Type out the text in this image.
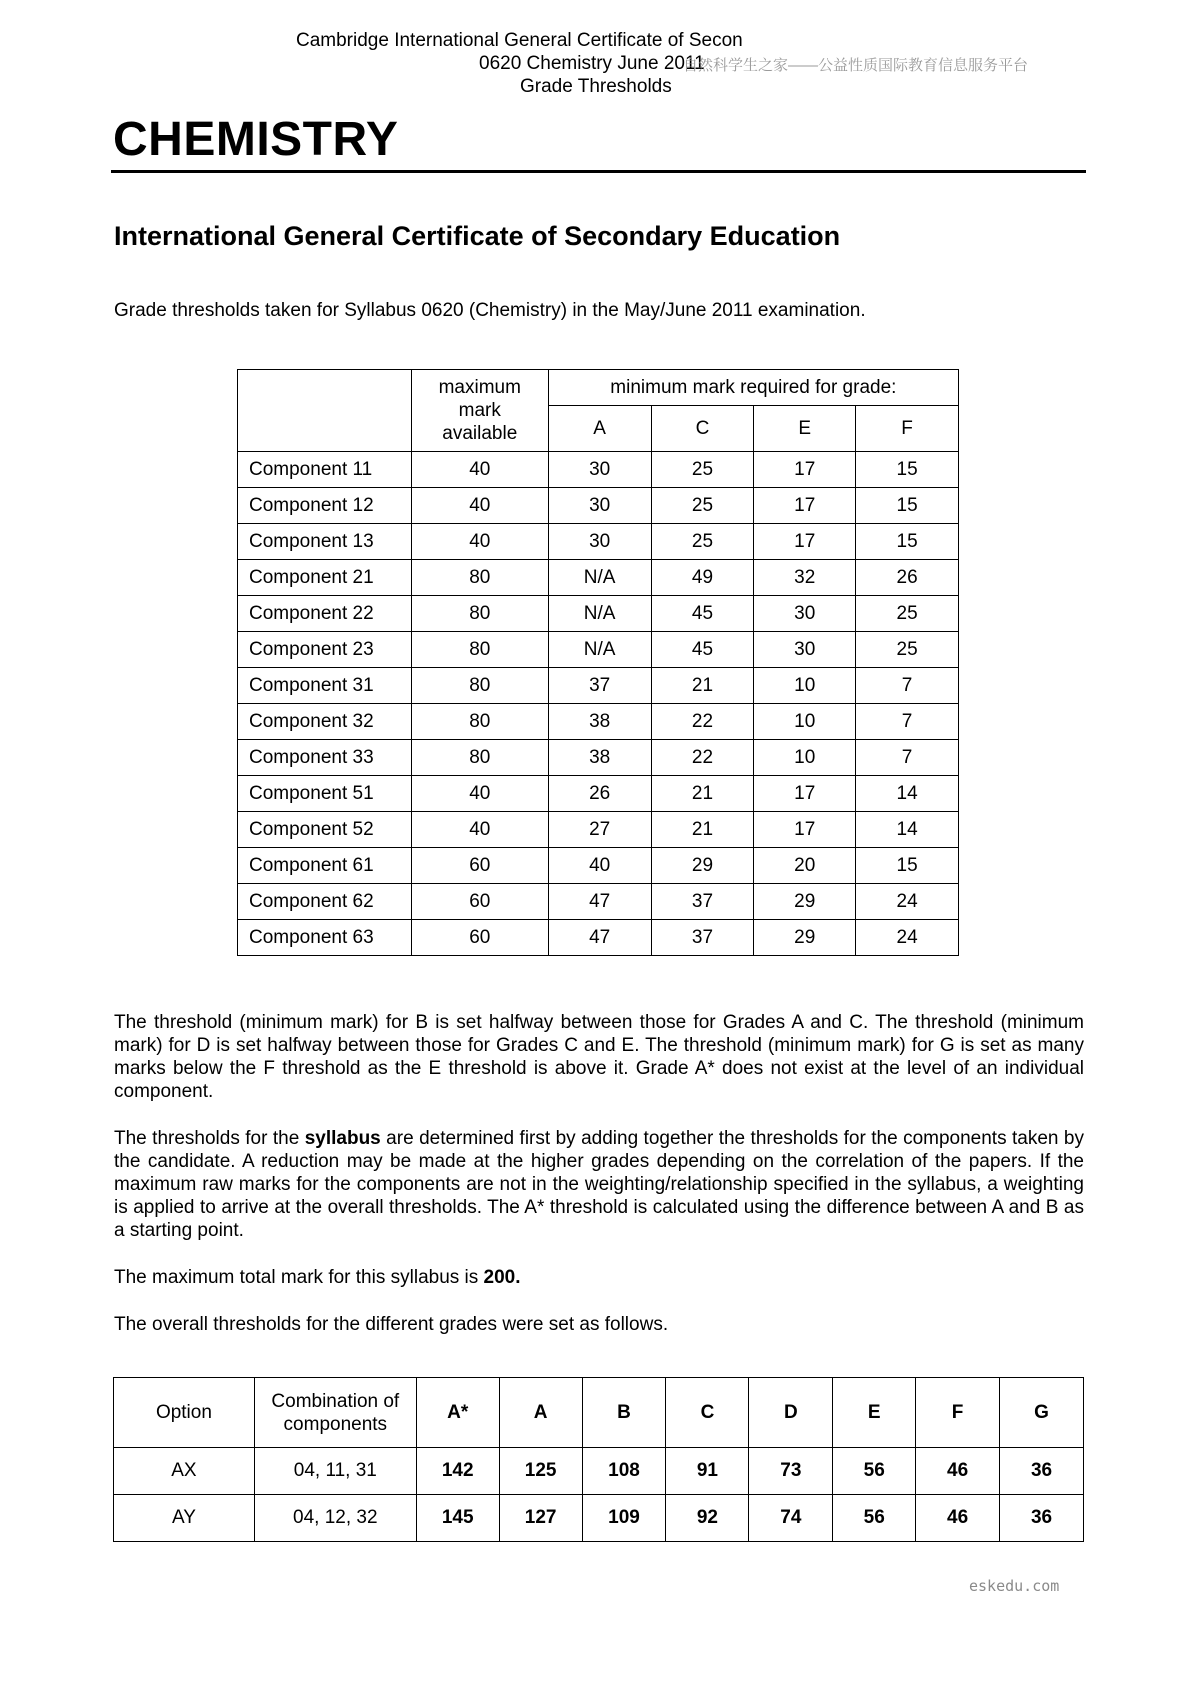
Cambridge International General Certificate of Secon
0620 Chemistry June 2011
Grade Thresholds
自然科学生之家——公益性质国际教育信息服务平台
CHEMISTRY
International General Certificate of Secondary Education
Grade thresholds taken for Syllabus 0620 (Chemistry) in the May/June 2011 examination.
	maximum
mark
available	minimum mark required for grade:			
		A	C	E	F
Component 11	40	30	25	17	15
Component 12	40	30	25	17	15
Component 13	40	30	25	17	15
Component 21	80	N/A	49	32	26
Component 22	80	N/A	45	30	25
Component 23	80	N/A	45	30	25
Component 31	80	37	21	10	7
Component 32	80	38	22	10	7
Component 33	80	38	22	10	7
Component 51	40	26	21	17	14
Component 52	40	27	21	17	14
Component 61	60	40	29	20	15
Component 62	60	47	37	29	24
Component 63	60	47	37	29	24
The threshold (minimum mark) for B is set halfway between those for Grades A and C. The threshold (minimum mark) for D is set halfway between those for Grades C and E. The threshold (minimum mark) for G is set as many marks below the F threshold as the E threshold is above it. Grade A* does not exist at the level of an individual component.
The thresholds for the syllabus are determined first by adding together the thresholds for the components taken by the candidate. A reduction may be made at the higher grades depending on the correlation of the papers. If the maximum raw marks for the components are not in the weighting/relationship specified in the syllabus, a weighting is applied to arrive at the overall thresholds. The A* threshold is calculated using the difference between A and B as a starting point.
The maximum total mark for this syllabus is 200.
The overall thresholds for the different grades were set as follows.
Option	Combination of
components	A*	A	B	C	D	E	F	G
AX	04, 11, 31	142	125	108	91	73	56	46	36
AY	04, 12, 32	145	127	109	92	74	56	46	36
eskedu.com
